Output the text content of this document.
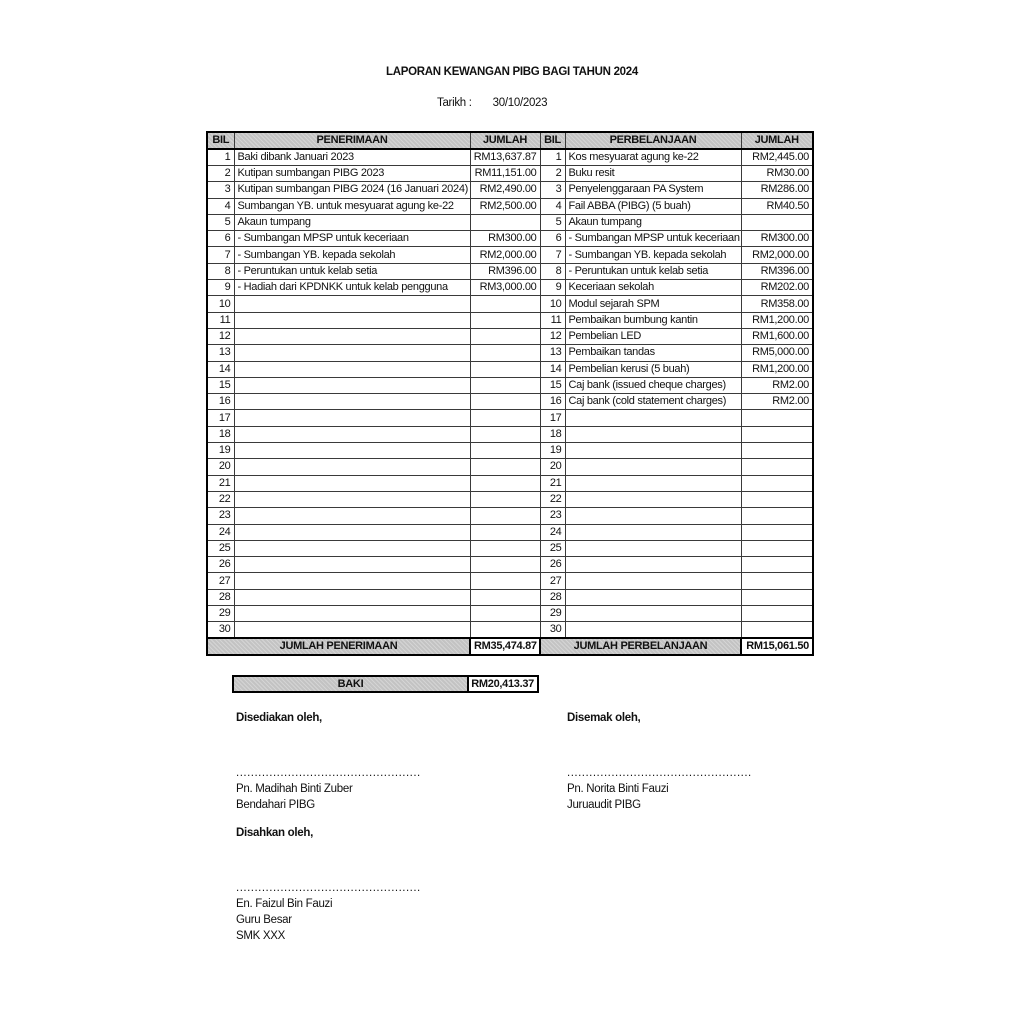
LAPORAN KEWANGAN PIBG BAGI TAHUN 2024
Tarikh : 30/10/2023
BIL	PENERIMAAN	JUMLAH	BIL	PERBELANJAAN	JUMLAH
1	Baki dibank Januari 2023	RM13,637.87	1	Kos mesyuarat agung ke-22	RM2,445.00
2	Kutipan sumbangan PIBG 2023	RM11,151.00	2	Buku resit	RM30.00
3	Kutipan sumbangan PIBG 2024 (16 Januari 2024)	RM2,490.00	3	Penyelenggaraan PA System	RM286.00
4	Sumbangan YB. untuk mesyuarat agung ke-22	RM2,500.00	4	Fail ABBA (PIBG) (5 buah)	RM40.50
5	Akaun tumpang		5	Akaun tumpang	
6	- Sumbangan MPSP untuk keceriaan	RM300.00	6	- Sumbangan MPSP untuk keceriaan	RM300.00
7	- Sumbangan YB. kepada sekolah	RM2,000.00	7	- Sumbangan YB. kepada sekolah	RM2,000.00
8	- Peruntukan untuk kelab setia	RM396.00	8	- Peruntukan untuk kelab setia	RM396.00
9	- Hadiah dari KPDNKK untuk kelab pengguna	RM3,000.00	9	Keceriaan sekolah	RM202.00
10			10	Modul sejarah SPM	RM358.00
11			11	Pembaikan bumbung kantin	RM1,200.00
12			12	Pembelian LED	RM1,600.00
13			13	Pembaikan tandas	RM5,000.00
14			14	Pembelian kerusi (5 buah)	RM1,200.00
15			15	Caj bank (issued cheque charges)	RM2.00
16			16	Caj bank (cold statement charges)	RM2.00
17			17		
18			18		
19			19		
20			20		
21			21		
22			22		
23			23		
24			24		
25			25		
26			26		
27			27		
28			28		
29			29		
30			30		
JUMLAH PENERIMAAN		RM35,474.87	JUMLAH PERBELANJAAN		RM15,061.50
BAKI	RM20,413.37
Disediakan oleh,
..................................................
Pn. Madihah Binti Zuber
Bendahari PIBG
Disemak oleh,
..................................................
Pn. Norita Binti Fauzi
Juruaudit PIBG
Disahkan oleh,
..................................................
En. Faizul Bin Fauzi
Guru Besar
SMK XXX
